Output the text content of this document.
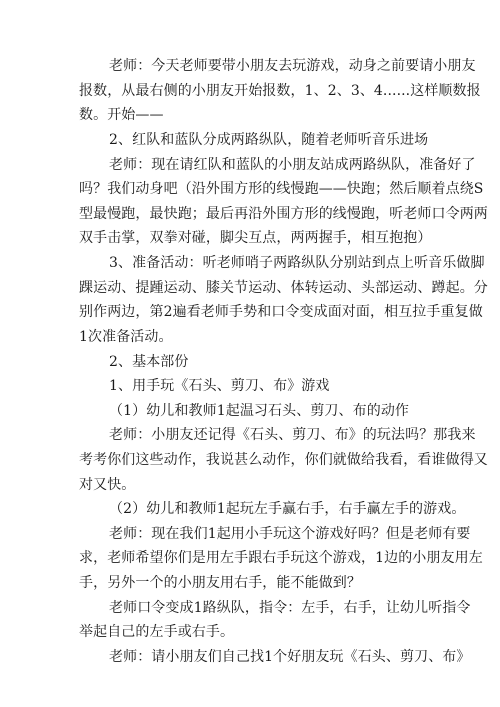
老师：今天老师要带小朋友去玩游戏，动身之前要请小朋友
报数，从最右侧的小朋友开始报数，1、2、3、4......这样顺数报
数。开始——
2、红队和蓝队分成两路纵队，随着老师听音乐进场
老师：现在请红队和蓝队的小朋友站成两路纵队，准备好了
吗？我们动身吧（沿外围方形的线慢跑——快跑；然后顺着点绕S
型最慢跑，最快跑；最后再沿外围方形的线慢跑，听老师口令两两
双手击掌，双拳对碰，脚尖互点，两两握手，相互抱抱）
3、准备活动：听老师哨子两路纵队分别站到点上听音乐做脚
踝运动、提踵运动、膝关节运动、体转运动、头部运动、蹲起。分
别作两边，第2遍看老师手势和口令变成面对面，相互拉手重复做
1次准备活动。
2、基本部份
1、用手玩《石头、剪刀、布》游戏
（1）幼儿和教师1起温习石头、剪刀、布的动作
老师：小朋友还记得《石头、剪刀、布》的玩法吗？那我来
考考你们这些动作，我说甚么动作，你们就做给我看，看谁做得又
对又快。
（2）幼儿和教师1起玩左手赢右手，右手赢左手的游戏。
老师：现在我们1起用小手玩这个游戏好吗？但是老师有要
求，老师希望你们是用左手跟右手玩这个游戏，1边的小朋友用左
手，另外一个的小朋友用右手，能不能做到？
老师口令变成1路纵队，指令：左手，右手，让幼儿听指令
举起自己的左手或右手。
老师：请小朋友们自己找1个好朋友玩《石头、剪刀、布》
